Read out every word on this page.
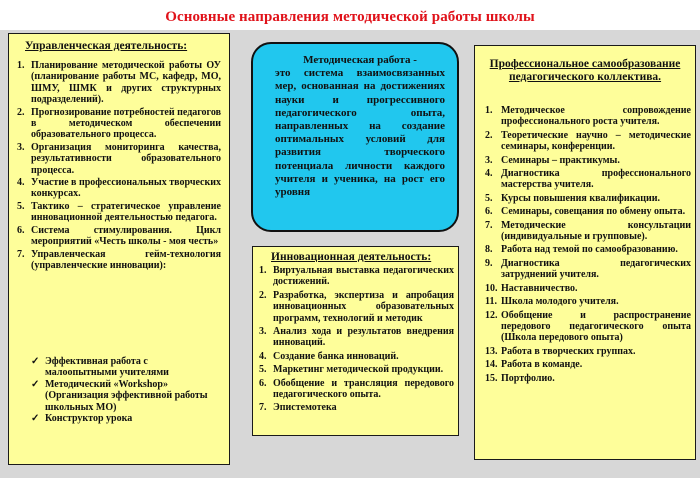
Основные направления методической работы школы
Управленческая деятельность:
1. Планирование методической работы ОУ (планирование работы МС, кафедр, МО, ШМУ, ШМК и других структурных подразделений).
2. Прогнозирование потребностей педагогов в методическом обеспечении образовательного процесса.
3. Организация мониторинга качества, результативности образовательного процесса.
4. Участие в профессиональных творческих конкурсах.
5. Тактико – стратегическое управление инновационной деятельностью педагога.
6. Система стимулирования. Цикл мероприятий «Честь школы - моя честь»
7. Управленческая гейм-технология (управленческие инновации):
✓ Эффективная работа с малоопытными учителями
✓ Методический «Workshop» (Организация эффективной работы школьных МО)
✓ Конструктор урока
Методическая работа -
это система взаимосвязанных мер, основанная на достижениях науки и прогрессивного педагогического опыта, направленных на создание оптимальных условий для развития творческого потенциала личности каждого учителя и ученика, на рост его уровня
Инновационная деятельность:
1. Виртуальная выставка педагогических достижений.
2. Разработка, экспертиза и апробация инновационных образовательных программ, технологий и методик
3. Анализ хода и результатов внедрения инноваций.
4. Создание банка инноваций.
5. Маркетинг методической продукции.
6. Обобщение и трансляция передового педагогического опыта.
7. Эпистемотека
Профессиональное самообразование педагогического коллектива.
1. Методическое сопровождение профессионального роста учителя.
2. Теоретические научно – методические семинары, конференции.
3. Семинары – практикумы.
4. Диагностика профессионального мастерства учителя.
5. Курсы повышения квалификации.
6. Семинары, совещания по обмену опыта.
7. Методические консультации (индивидуальные и групповые).
8. Работа над темой по самообразованию.
9. Диагностика педагогических затруднений учителя.
10. Наставничество.
11. Школа молодого учителя.
12. Обобщение и распространение передового педагогического опыта (Школа передового опыта)
13. Работа в творческих группах.
14. Работа в команде.
15. Портфолио.
